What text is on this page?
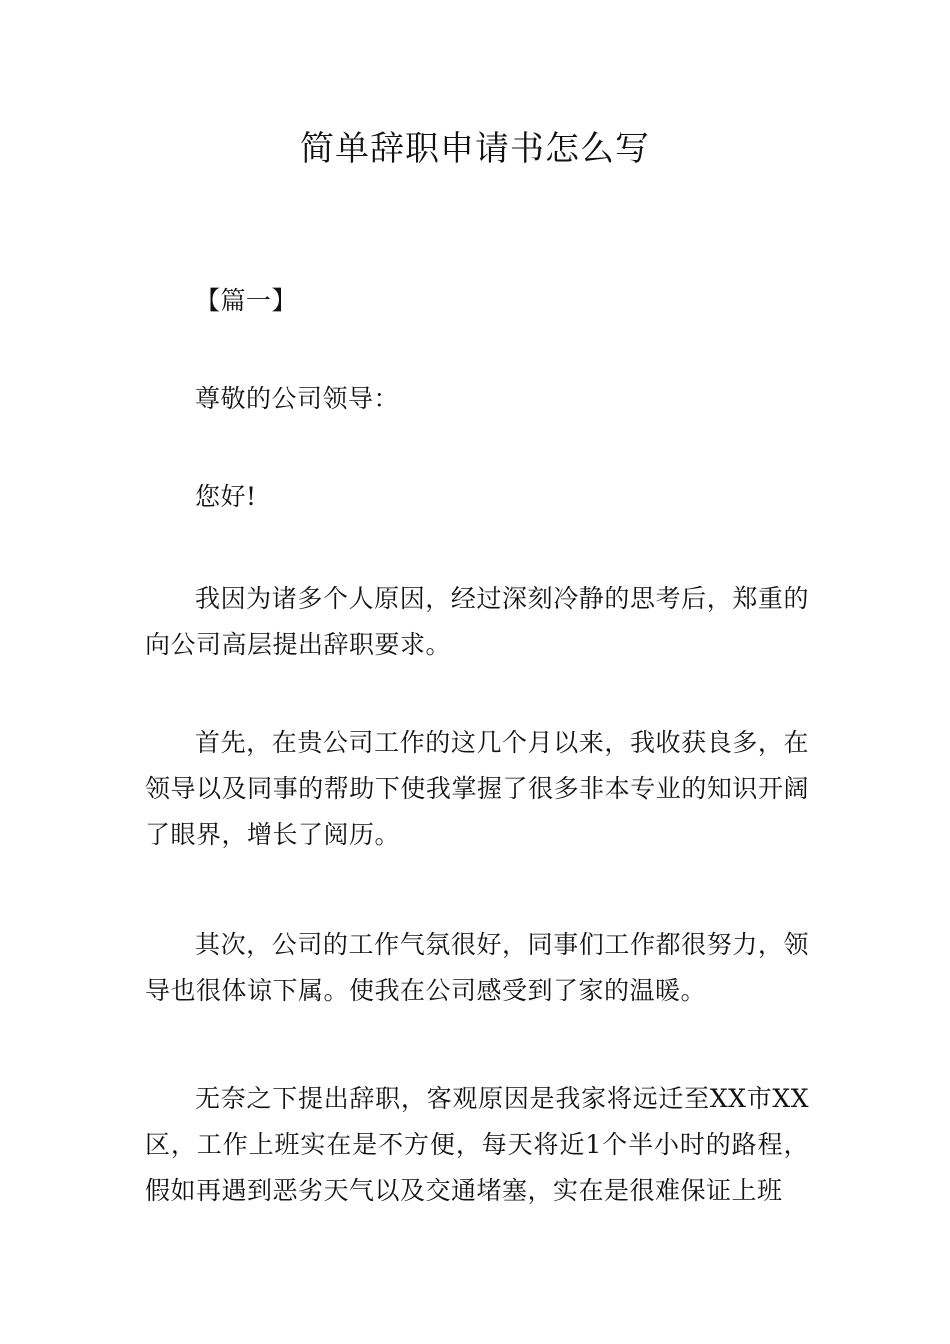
简单辞职申请书怎么写

【篇一】

尊敬的公司领导：

您好!

我因为诸多个人原因，经过深刻冷静的思考后，郑重的向公司高层提出辞职要求。

首先，在贵公司工作的这几个月以来，我收获良多，在领导以及同事的帮助下使我掌握了很多非本专业的知识开阔了眼界，增长了阅历。

其次，公司的工作气氛很好，同事们工作都很努力，领导也很体谅下属。使我在公司感受到了家的温暖。

无奈之下提出辞职，客观原因是我家将远迁至XX市XX区，工作上班实在是不方便，每天将近1个半小时的路程，假如再遇到恶劣天气以及交通堵塞，实在是很难保证上班
